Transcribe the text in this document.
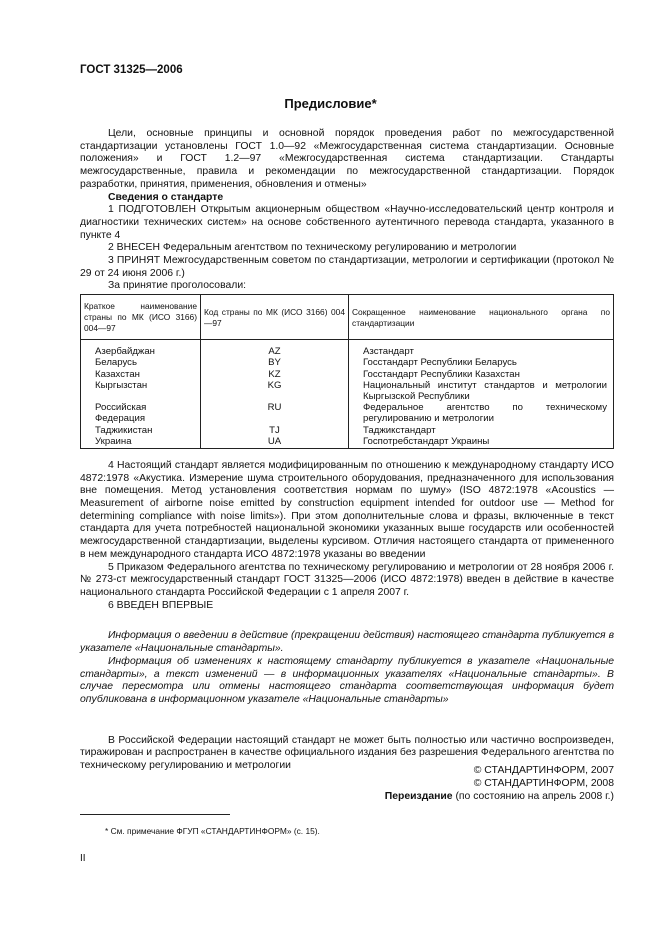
ГОСТ 31325—2006
Предисловие*

Цели, основные принципы и основной порядок проведения работ по межгосударственной стандартизации установлены ГОСТ 1.0—92 «Межгосударственная система стандартизации. Основные положения» и ГОСТ 1.2—97 «Межгосударственная система стандартизации. Стандарты межгосударственные, правила и рекомендации по межгосударственной стандартизации. Порядок разработки, принятия, применения, обновления и отмены»

Сведения о стандарте

1 ПОДГОТОВЛЕН Открытым акционерным обществом «Научно-исследовательский центр контроля и диагностики технических систем» на основе собственного аутентичного перевода стандарта, указанного в пункте 4

2 ВНЕСЕН Федеральным агентством по техническому регулированию и метрологии

3 ПРИНЯТ Межгосударственным советом по стандартизации, метрологии и сертификации (протокол № 29 от 24 июня 2006 г.)

За принятие проголосовали:

Краткое наименование страны по МК (ИСО 3166) 004—97	Код страны по МК (ИСО 3166) 004—97	Сокращенное наименование национального органа по стандартизации
Азербайджан	AZ	Азстандарт
Беларусь	BY	Госстандарт Республики Беларусь
Казахстан	KZ	Госстандарт Республики Казахстан
Кыргызстан	KG	Национальный институт стандартов и метрологии Кыргызской Республики
Российская Федерация	RU	Федеральное агентство по техническому регулированию и метрологии
Таджикистан	TJ	Таджикстандарт
Украина	UA	Госпотребстандарт Украины

4 Настоящий стандарт является модифицированным по отношению к международному стандарту ИСО 4872:1978 «Акустика. Измерение шума строительного оборудования, предназначенного для использования вне помещения. Метод установления соответствия нормам по шуму» (ISO 4872:1978 «Acoustics — Measurement of airborne noise emitted by construction equipment intended for outdoor use — Method for determining compliance with noise limits»). При этом дополнительные слова и фразы, включенные в текст стандарта для учета потребностей национальной экономики указанных выше государств или особенностей межгосударственной стандартизации, выделены курсивом. Отличия настоящего стандарта от примененного в нем международного стандарта ИСО 4872:1978 указаны во введении

5 Приказом Федерального агентства по техническому регулированию и метрологии от 28 ноября 2006 г. № 273-ст межгосударственный стандарт ГОСТ 31325—2006 (ИСО 4872:1978) введен в действие в качестве национального стандарта Российской Федерации с 1 апреля 2007 г.

6 ВВЕДЕН ВПЕРВЫЕ

Информация о введении в действие (прекращении действия) настоящего стандарта публикуется в указателе «Национальные стандарты».

Информация об изменениях к настоящему стандарту публикуется в указателе «Национальные стандарты», а текст изменений — в информационных указателях «Национальные стандарты». В случае пересмотра или отмены настоящего стандарта соответствующая информация будет опубликована в информационном указателе «Национальные стандарты»

В Российской Федерации настоящий стандарт не может быть полностью или частично воспроизведен, тиражирован и распространен в качестве официального издания без разрешения Федерального агентства по техническому регулированию и метрологии	© СТАНДАРТИНФОРМ, 2007
© СТАНДАРТИНФОРМ, 2008
Переиздание (по состоянию на апрель 2008 г.)
* См. примечание ФГУП «СТАНДАРТИНФОРМ» (с. 15).
II
